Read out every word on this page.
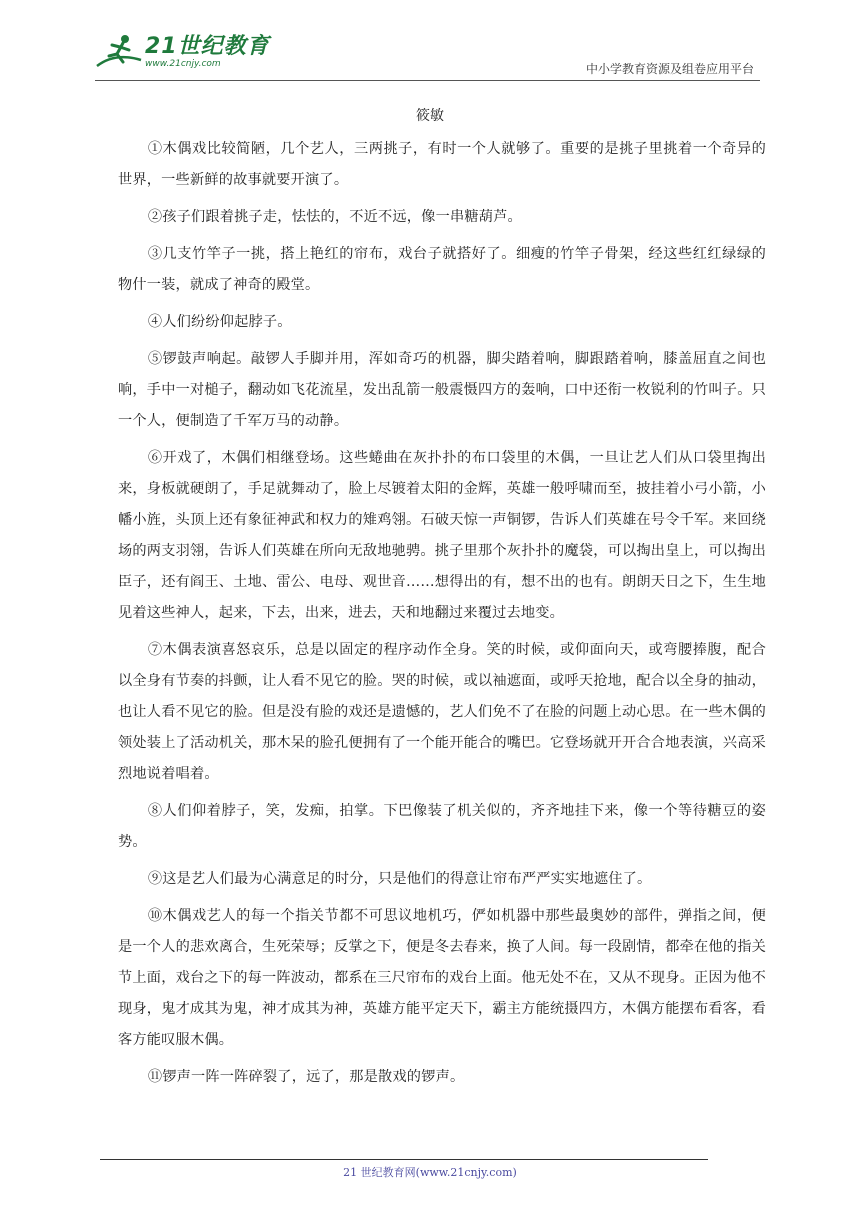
21世纪教育
www.21cnjy.com	中小学教育资源及组卷应用平台
筱敏

①木偶戏比较简陋，几个艺人，三两挑子，有时一个人就够了。重要的是挑子里挑着一个奇异的世界，一些新鲜的故事就要开演了。

②孩子们跟着挑子走，怯怯的，不近不远，像一串糖葫芦。

③几支竹竿子一挑，搭上艳红的帘布，戏台子就搭好了。细瘦的竹竿子骨架，经这些红红绿绿的物什一装，就成了神奇的殿堂。

④人们纷纷仰起脖子。

⑤锣鼓声响起。敲锣人手脚并用，浑如奇巧的机器，脚尖踏着响，脚跟踏着响，膝盖屈直之间也响，手中一对槌子，翻动如飞花流星，发出乱箭一般震慑四方的轰响，口中还衔一枚锐利的竹叫子。只一个人，便制造了千军万马的动静。

⑥开戏了，木偶们相继登场。这些蜷曲在灰扑扑的布口袋里的木偶，一旦让艺人们从口袋里掏出来，身板就硬朗了，手足就舞动了，脸上尽镀着太阳的金辉，英雄一般呼啸而至，披挂着小弓小箭，小幡小旌，头顶上还有象征神武和权力的雉鸡翎。石破天惊一声铜锣，告诉人们英雄在号令千军。来回绕场的两支羽翎，告诉人们英雄在所向无敌地驰骋。挑子里那个灰扑扑的魔袋，可以掏出皇上，可以掏出臣子，还有阎王、土地、雷公、电母、观世音……想得出的有，想不出的也有。朗朗天日之下，生生地见着这些神人，起来，下去，出来，进去，天和地翻过来覆过去地变。

⑦木偶表演喜怒哀乐，总是以固定的程序动作全身。笑的时候，或仰面向天，或弯腰捧腹，配合以全身有节奏的抖颤，让人看不见它的脸。哭的时候，或以袖遮面，或呼天抢地，配合以全身的抽动，也让人看不见它的脸。但是没有脸的戏还是遗憾的，艺人们免不了在脸的问题上动心思。在一些木偶的领处装上了活动机关，那木呆的脸孔便拥有了一个能开能合的嘴巴。它登场就开开合合地表演，兴高采烈地说着唱着。

⑧人们仰着脖子，笑，发痴，拍掌。下巴像装了机关似的，齐齐地挂下来，像一个等待糖豆的姿势。

⑨这是艺人们最为心满意足的时分，只是他们的得意让帘布严严实实地遮住了。

⑩木偶戏艺人的每一个指关节都不可思议地机巧，俨如机器中那些最奥妙的部件，弹指之间，便是一个人的悲欢离合，生死荣辱；反掌之下，便是冬去春来，换了人间。每一段剧情，都牵在他的指关节上面，戏台之下的每一阵波动，都系在三尺帘布的戏台上面。他无处不在，又从不现身。正因为他不现身，鬼才成其为鬼，神才成其为神，英雄方能平定天下，霸主方能统摄四方，木偶方能摆布看客，看客方能叹服木偶。

⑪锣声一阵一阵碎裂了，远了，那是散戏的锣声。

21 世纪教育网(www.21cnjy.com)
